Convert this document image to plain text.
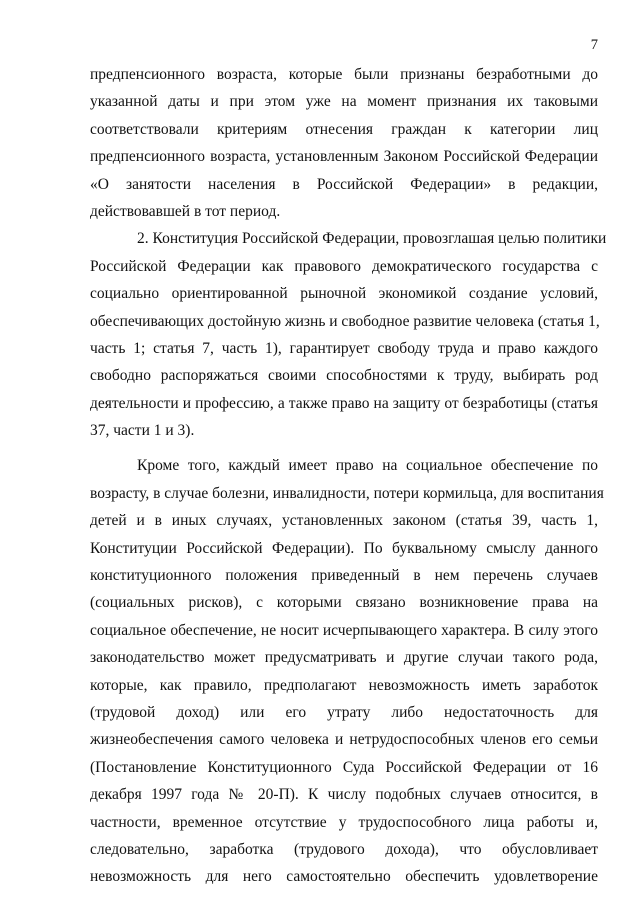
7
предпенсионного возраста, которые были признаны безработными до
указанной даты и при этом уже на момент признания их таковыми
соответствовали критериям отнесения граждан к категории лиц
предпенсионного возраста, установленным Законом Российской Федерации
«О занятости населения в Российской Федерации» в редакции,
действовавшей в тот период.
2. Конституция Российской Федерации, провозглашая целью политики
Российской Федерации как правового демократического государства с
социально ориентированной рыночной экономикой создание условий,
обеспечивающих достойную жизнь и свободное развитие человека (статья 1,
часть 1; статья 7, часть 1), гарантирует свободу труда и право каждого
свободно распоряжаться своими способностями к труду, выбирать род
деятельности и профессию, а также право на защиту от безработицы (статья
37, части 1 и 3).
Кроме того, каждый имеет право на социальное обеспечение по
возрасту, в случае болезни, инвалидности, потери кормильца, для воспитания
детей и в иных случаях, установленных законом (статья 39, часть 1,
Конституции Российской Федерации). По буквальному смыслу данного
конституционного положения приведенный в нем перечень случаев
(социальных рисков), с которыми связано возникновение права на
социальное обеспечение, не носит исчерпывающего характера. В силу этого
законодательство может предусматривать и другие случаи такого рода,
которые, как правило, предполагают невозможность иметь заработок
(трудовой доход) или его утрату либо недостаточность для
жизнеобеспечения самого человека и нетрудоспособных членов его семьи
(Постановление Конституционного Суда Российской Федерации от 16
декабря 1997 года № 20-П). К числу подобных случаев относится, в
частности, временное отсутствие у трудоспособного лица работы и,
следовательно, заработка (трудового дохода), что обусловливает
невозможность для него самостоятельно обеспечить удовлетворение
